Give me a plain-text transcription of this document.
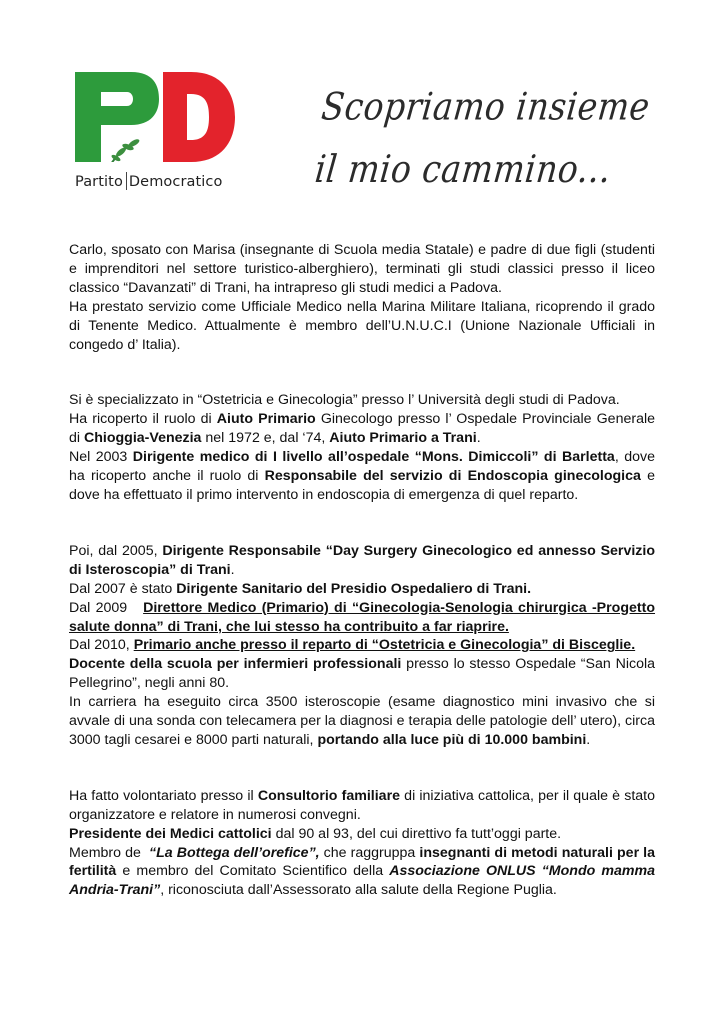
Partito Democratico
Scopriamo insieme
il mio cammino...

Carlo, sposato con Marisa (insegnante di Scuola media Statale) e padre di due figli (studenti e imprenditori nel settore turistico-alberghiero), terminati gli studi classici presso il liceo classico “Davanzati” di Trani, ha intrapreso gli studi medici a Padova.

Ha prestato servizio come Ufficiale Medico nella Marina Militare Italiana, ricoprendo il grado di Tenente Medico. Attualmente è membro dell’U.N.U.C.I (Unione Nazionale Ufficiali in congedo d’ Italia).

Si è specializzato in “Ostetricia e Ginecologia” presso l’ Università degli studi di Padova.

Ha ricoperto il ruolo di Aiuto Primario Ginecologo presso l’ Ospedale Provinciale Generale di Chioggia-Venezia nel 1972 e, dal ‘74, Aiuto Primario a Trani.

Nel 2003 Dirigente medico di I livello all’ospedale “Mons. Dimiccoli” di Barletta, dove ha ricoperto anche il ruolo di Responsabile del servizio di Endoscopia ginecologica e dove ha effettuato il primo intervento in endoscopia di emergenza di quel reparto.

Poi, dal 2005, Dirigente Responsabile “Day Surgery Ginecologico ed annesso Servizio di Isteroscopia” di Trani.

Dal 2007 è stato Dirigente Sanitario del Presidio Ospedaliero di Trani.

Dal 2009   Direttore Medico (Primario) di “Ginecologia-Senologia chirurgica -Progetto salute donna” di Trani, che lui stesso ha contribuito a far riaprire.

Dal 2010, Primario anche presso il reparto di “Ostetricia e Ginecologia” di Bisceglie.

Docente della scuola per infermieri professionali presso lo stesso Ospedale “San Nicola Pellegrino”, negli anni 80.

In carriera ha eseguito circa 3500 isteroscopie (esame diagnostico mini invasivo che si avvale di una sonda con telecamera per la diagnosi e terapia delle patologie dell’ utero), circa 3000 tagli cesarei e 8000 parti naturali, portando alla luce più di 10.000 bambini.

Ha fatto volontariato presso il Consultorio familiare di iniziativa cattolica, per il quale è stato organizzatore e relatore in numerosi convegni.

Presidente dei Medici cattolici dal 90 al 93, del cui direttivo fa tutt’oggi parte.

Membro de  “La Bottega dell’orefice”, che raggruppa insegnanti di metodi naturali per la fertilità e membro del Comitato Scientifico della Associazione ONLUS “Mondo mamma Andria-Trani”, riconosciuta dall’Assessorato alla salute della Regione Puglia.
